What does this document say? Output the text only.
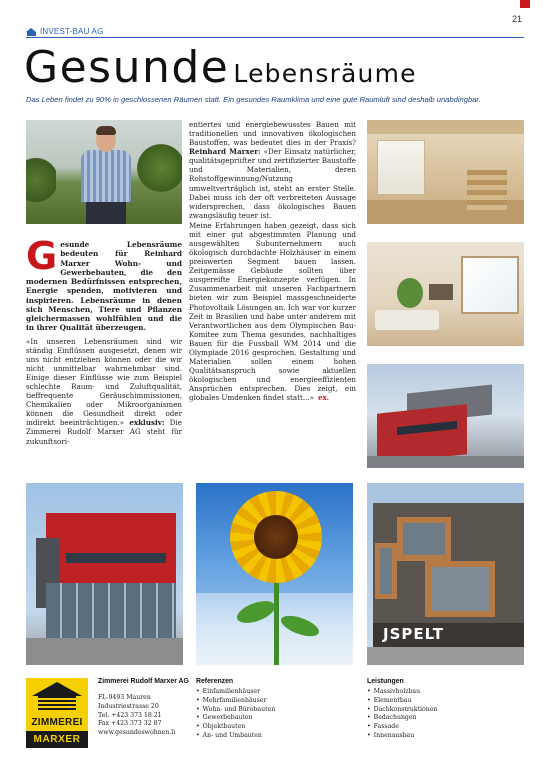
21
INVEST-BAU AG
Gesunde Lebensräume
Das Leben findet zu 90% in geschlossenen Räumen statt. Ein gesundes Raumklima und eine gute Raumluft sind deshalb unabdingbar.
JSPELT

Gesunde Lebensräume bedeuten für Reinhard Marxer Wohn- und Gewerbebauten, die den modernen Bedürfnissen entsprechen, Energie spenden, motivieren und inspirieren. Lebensräume in denen sich Menschen, Tiere und Pflanzen gleichermassen wohlfühlen und die in ihrer Qualität überzeugen.

«In unseren Lebensräumen sind wir ständig Einflüssen ausgesetzt, denen wir uns nicht entziehen können oder die wir nicht unmittelbar wahrnehmbar sind. Einige dieser Einflüsse wie zum Beispiel schlechte Raum- und Zuluftqualität, tieffrequente Geräuschimmissionen, Chemikalien oder Mikroorganismen können die Gesundheit direkt oder indirekt beeinträchtigen.» exklusiv: Die Zimmerei Rudolf Marxer AG steht für zukunftsori-

entiertes und energiebewusstes Bauen mit traditionellen und innovativen ökologischen Baustoffen, was bedeutet dies in der Praxis? Reinhard Marxer: «Der Einsatz natürlicher, qualitätsgeprüfter und zertifizierter Baustoffe und Materialien, deren Rohstoffgewinnung/Nutzung umweltverträglich ist, steht an erster Stelle. Dabei muss ich der oft verbreiteten Aussage widersprechen, dass ökologisches Bauen zwangsläufig teuer ist.

Meine Erfahrungen haben gezeigt, dass sich mit einer gut abgestimmten Planung und ausgewählten Subunternehmern auch ökologisch durchdachte Holzhäuser in einem preiswerten Segment bauen lassen. Zeitgemässe Gebäude sollten über ausgereifte Energiekonzepte verfügen. In Zusammenarbeit mit unseren Fachpartnern bieten wir zum Beispiel massgeschneiderte Photovoltaik Lösungen an. Ich war vor kurzer Zeit in Brasilien und habe unter anderem mit Verantwortlichen aus dem Olympischen Bau-Komitee zum Thema gesundes, nachhaltiges Bauen für die Fussball WM 2014 und die Olympiade 2016 gesprochen. Gestaltung und Materialien sollen einem hohen Qualitätsanspruch sowie aktuellen ökologischen und energieeffizienten Ansprüchen entsprechen. Dies zeigt, ein globales Umdenken findet statt...» ex.

ZIMMEREI
MARXER
Zimmerei Rudolf Marxer AG
FL-9493 Mauren
Industriestrasse 20
Tel. +423 373 18 21
Fax +423 373 32 87
www.gesundeswohnen.li
Referenzen
• Einfamilienhäuser
• Mehrfamilienhäuser
• Wohn- und Bürobauten
• Gewerbebauten
• Objektbauten
• An- und Umbauten
Leistungen
• Massivholzbau
• Elementbau
• Dachkonstruktionen
• Bedachungen
• Fassade
• Innenausbau
